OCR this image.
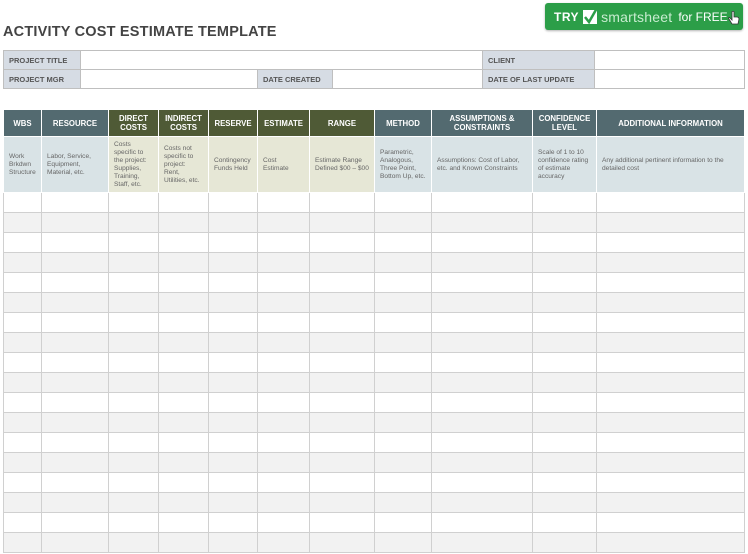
ACTIVITY COST ESTIMATE TEMPLATE
TRY smartsheet for FREE
PROJECT TITLE				CLIENT	
PROJECT MGR		DATE CREATED		DATE OF LAST UPDATE	
WBS	RESOURCE	DIRECT COSTS	INDIRECT COSTS	RESERVE	ESTIMATE	RANGE	METHOD	ASSUMPTIONS & CONSTRAINTS	CONFIDENCE LEVEL	ADDITIONAL INFORMATION
Work Brkdwn Structure	Labor, Service, Equipment, Material, etc.	Costs specific to the project: Supplies, Training, Staff, etc.	Costs not specific to project: Rent, Utilities, etc.	Contingency Funds Held	Cost Estimate	Estimate Range Defined $00 – $00	Parametric, Analogous, Three Point, Bottom Up, etc.	Assumptions: Cost of Labor, etc. and Known Constraints	Scale of 1 to 10 confidence rating of estimate accuracy	Any additional pertinent information to the detailed cost
